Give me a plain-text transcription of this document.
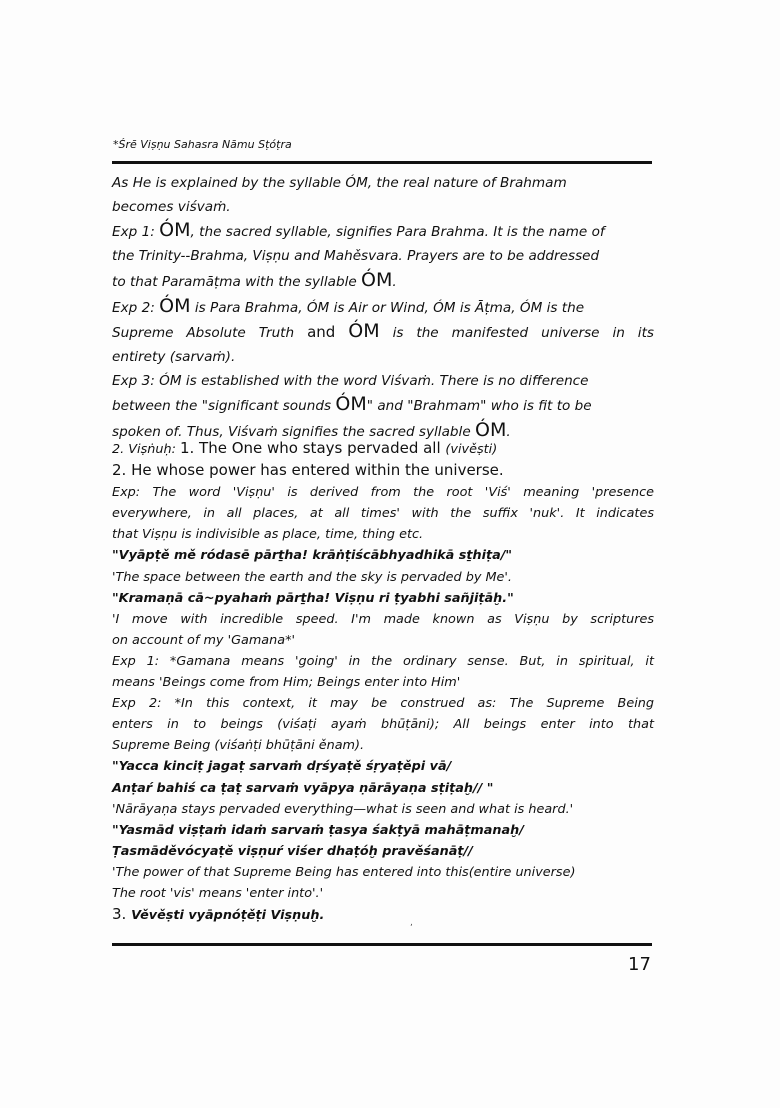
*Śrē Viṣṇu Sahasra Nāmu Sṭóṭra
As He is explained by the syllable ÓM, the real nature of Brahmam
becomes viśvaṁ.
Exp 1: ÓM, the sacred syllable, signifies Para Brahma. It is the name of
the Trinity--Brahma, Viṣṇu and Mahěsvara. Prayers are to be addressed
to that Paramāṭma with the syllable ÓM.
Exp 2: ÓM is Para Brahma, ÓM is Air or Wind, ÓM is Āṭma, ÓM is the
Supreme Absolute Truth and ÓM is the manifested universe in its
entirety (sarvaṁ).
Exp 3: ÓM is established with the word Viśvaṁ. There is no difference
between the "significant sounds ÓM" and "Brahmam" who is fit to be
spoken of. Thus, Viśvaṁ signifies the sacred syllable ÓM.
2. Viṣṅuḥ: 1. The One who stays pervaded all (vivěṣti)
2. He whose power has entered within the universe.
Exp: The word 'Viṣṇu' is derived from the root 'Viś' meaning 'presence
everywhere, in all places, at all times' with the suffix 'nuk'. It indicates
that Viṣṇu is indivisible as place, time, thing etc.
"Vyāpṭě mě ródasē pārṯha! krāṅṭiścābhyadhikā sṯhiṭa/"
'The space between the earth and the sky is pervaded by Me'.
"Kramaṇā cā~pyahaṁ pārṯha! Viṣṇu ri ṭyabhi sañjiṭāḫ."
'I move with incredible speed. I'm made known as Viṣṇu by scriptures
on account of my 'Gamana*'
Exp 1: *Gamana means 'going' in the ordinary sense. But, in spiritual, it
means 'Beings come from Him; Beings enter into Him'
Exp 2: *In this context, it may be construed as: The Supreme Being
enters in to beings (viśaṭi ayaṁ bhūṭāni); All beings enter into that
Supreme Being (viśaṅṭi bhūṭāni ěnam).
"Yacca kinciṭ jagaṭ sarvaṁ dṛśyaṭě śṛyaṭěpi vā/
Anṭaŕ bahiś ca ṭaṭ sarvaṁ vyāpya ṇārāyaṇa sṭiṭaḫ// "
'Nārāyaṇa stays pervaded everything—what is seen and what is heard.'
"Yasmād viṣṭaṁ idaṁ sarvaṁ ṭasya śakṭyā mahāṭmanaḫ/
Ṭasmāděvócyaṭě viṣṇuŕ viśer dhaṭóḫ pravěśanāṭ//
'The power of that Supreme Being has entered into this(entire universe)
The root 'vis' means 'enter into'.'
3. Věvěṣti vyāpnóṭěṭi Viṣṇuḫ.	,
17
